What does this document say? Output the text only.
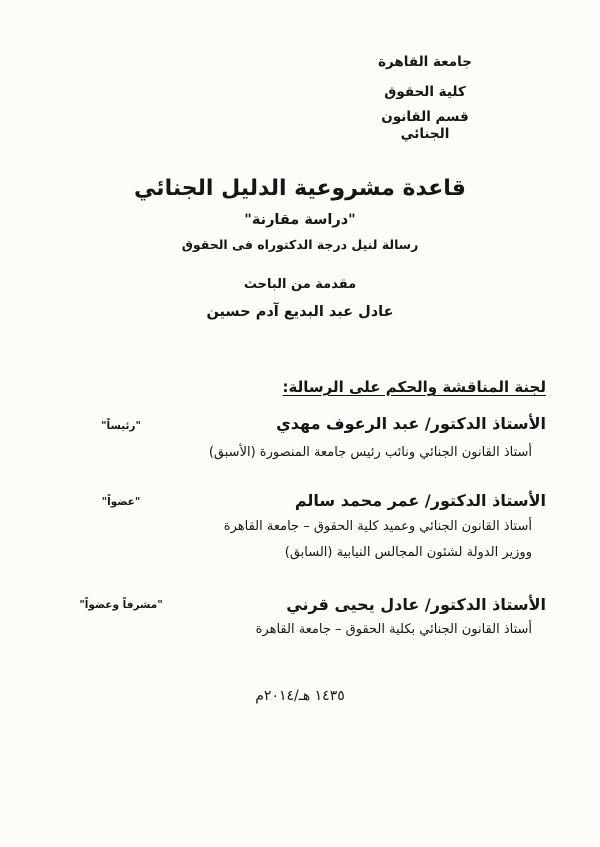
جامعة القاهرة
كلية الحقوق
قسم القانون الجنائي
قاعدة مشروعية الدليل الجنائي
"دراسة مقارنة"
رسالة لنيل درجة الدكتوراه فى الحقوق
مقدمة من الباحث
عادل عبد البديع آدم حسين
لجنة المناقشة والحكم على الرسالة:
الأستاذ الدكتور/ عبد الرعوف مهدي
"رئيساً"
أستاذ القانون الجنائي ونائب رئيس جامعة المنصورة (الأسبق)
الأستاذ الدكتور/ عمر محمد سالم
"عضواً"
أستاذ القانون الجنائي وعميد كلية الحقوق – جامعة القاهرة
ووزير الدولة لشئون المجالس النيابية (السابق)
الأستاذ الدكتور/ عادل يحيى قرني
"مشرفاً وعضواً"
أستاذ القانون الجنائي بكلية الحقوق – جامعة القاهرة
١٤٣٥ هـ/٢٠١٤م
